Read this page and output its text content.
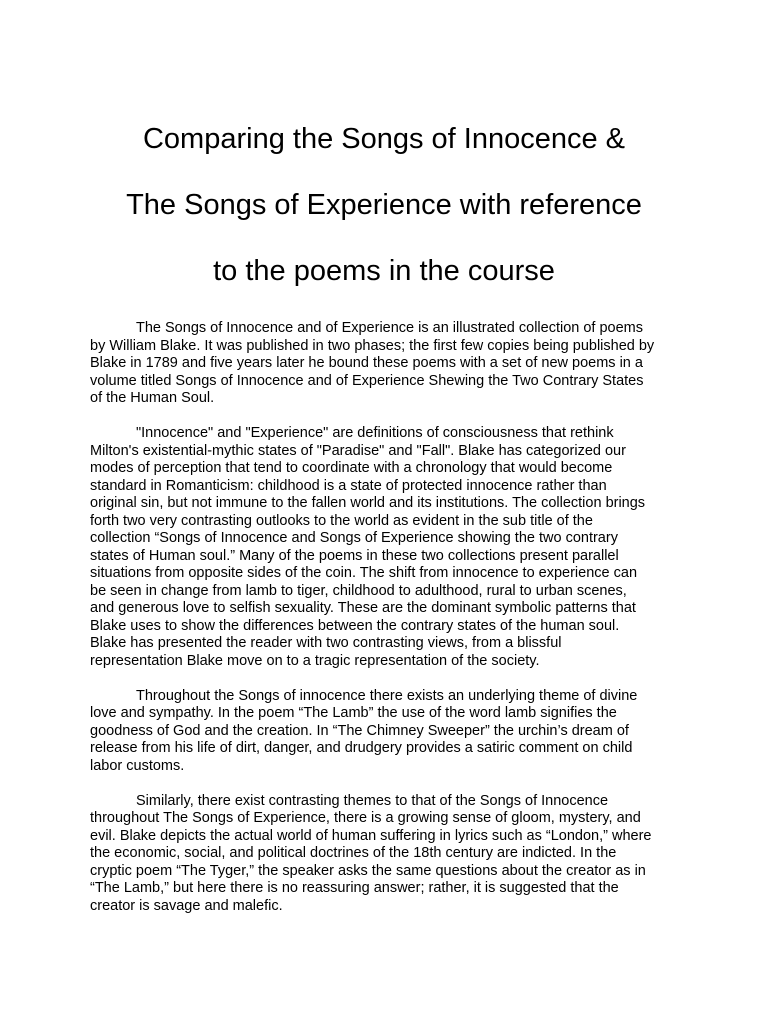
Comparing the Songs of Innocence &
The Songs of Experience with reference
to the poems in the course
The Songs of Innocence and of Experience is an illustrated collection of poems
by William Blake. It was published in two phases; the first few copies being published by
Blake in 1789 and five years later he bound these poems with a set of new poems in a
volume titled Songs of Innocence and of Experience Shewing the Two Contrary States
of the Human Soul.
"Innocence" and "Experience" are definitions of consciousness that rethink
Milton's existential-mythic states of "Paradise" and "Fall". Blake has categorized our
modes of perception that tend to coordinate with a chronology that would become
standard in Romanticism: childhood is a state of protected innocence rather than
original sin, but not immune to the fallen world and its institutions. The collection brings
forth two very contrasting outlooks to the world as evident in the sub title of the
collection “Songs of Innocence and Songs of Experience showing the two contrary
states of Human soul.” Many of the poems in these two collections present parallel
situations from opposite sides of the coin. The shift from innocence to experience can
be seen in change from lamb to tiger, childhood to adulthood, rural to urban scenes,
and generous love to selfish sexuality. These are the dominant symbolic patterns that
Blake uses to show the differences between the contrary states of the human soul.
Blake has presented the reader with two contrasting views, from a blissful
representation Blake move on to a tragic representation of the society.
Throughout the Songs of innocence there exists an underlying theme of divine
love and sympathy. In the poem “The Lamb” the use of the word lamb signifies the
goodness of God and the creation. In “The Chimney Sweeper” the urchin’s dream of
release from his life of dirt, danger, and drudgery provides a satiric comment on child
labor customs.
Similarly, there exist contrasting themes to that of the Songs of Innocence
throughout The Songs of Experience, there is a growing sense of gloom, mystery, and
evil. Blake depicts the actual world of human suffering in lyrics such as “London,” where
the economic, social, and political doctrines of the 18th century are indicted. In the
cryptic poem “The Tyger,” the speaker asks the same questions about the creator as in
“The Lamb,” but here there is no reassuring answer; rather, it is suggested that the
creator is savage and malefic.
